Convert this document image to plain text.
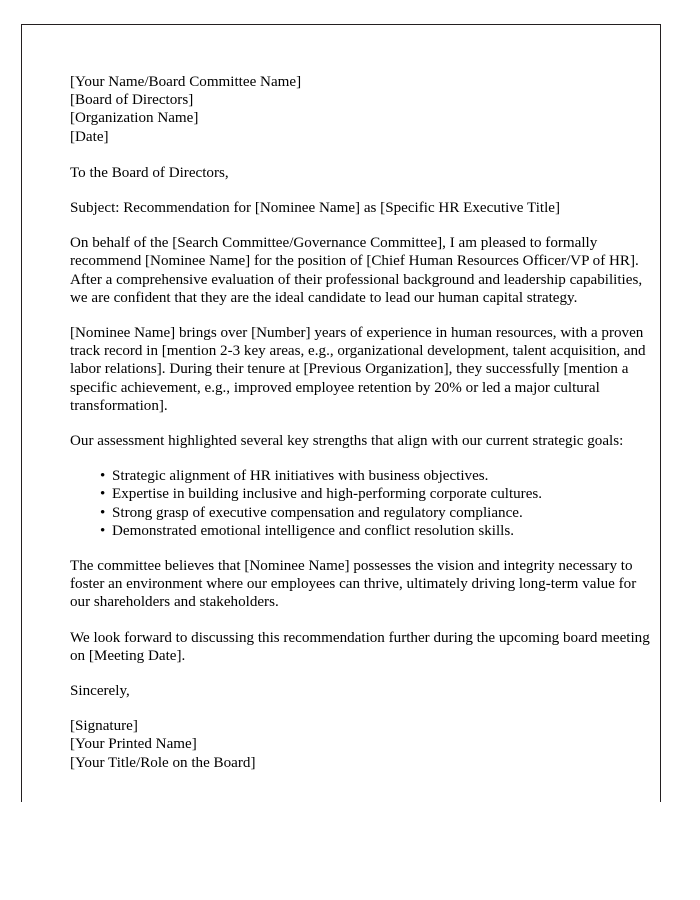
[Your Name/Board Committee Name]
[Board of Directors]
[Organization Name]
[Date]

To the Board of Directors,

Subject: Recommendation for [Nominee Name] as [Specific HR Executive Title]

On behalf of the [Search Committee/Governance Committee], I am pleased to formally recommend [Nominee Name] for the position of [Chief Human Resources Officer/VP of HR]. After a comprehensive evaluation of their professional background and leadership capabilities, we are confident that they are the ideal candidate to lead our human capital strategy.

[Nominee Name] brings over [Number] years of experience in human resources, with a proven track record in [mention 2-3 key areas, e.g., organizational development, talent acquisition, and labor relations]. During their tenure at [Previous Organization], they successfully [mention a specific achievement, e.g., improved employee retention by 20% or led a major cultural transformation].

Our assessment highlighted several key strengths that align with our current strategic goals:

• Strategic alignment of HR initiatives with business objectives.
• Expertise in building inclusive and high-performing corporate cultures.
• Strong grasp of executive compensation and regulatory compliance.
• Demonstrated emotional intelligence and conflict resolution skills.

The committee believes that [Nominee Name] possesses the vision and integrity necessary to foster an environment where our employees can thrive, ultimately driving long-term value for our shareholders and stakeholders.

We look forward to discussing this recommendation further during the upcoming board meeting on [Meeting Date].

Sincerely,

[Signature]
[Your Printed Name]
[Your Title/Role on the Board]
